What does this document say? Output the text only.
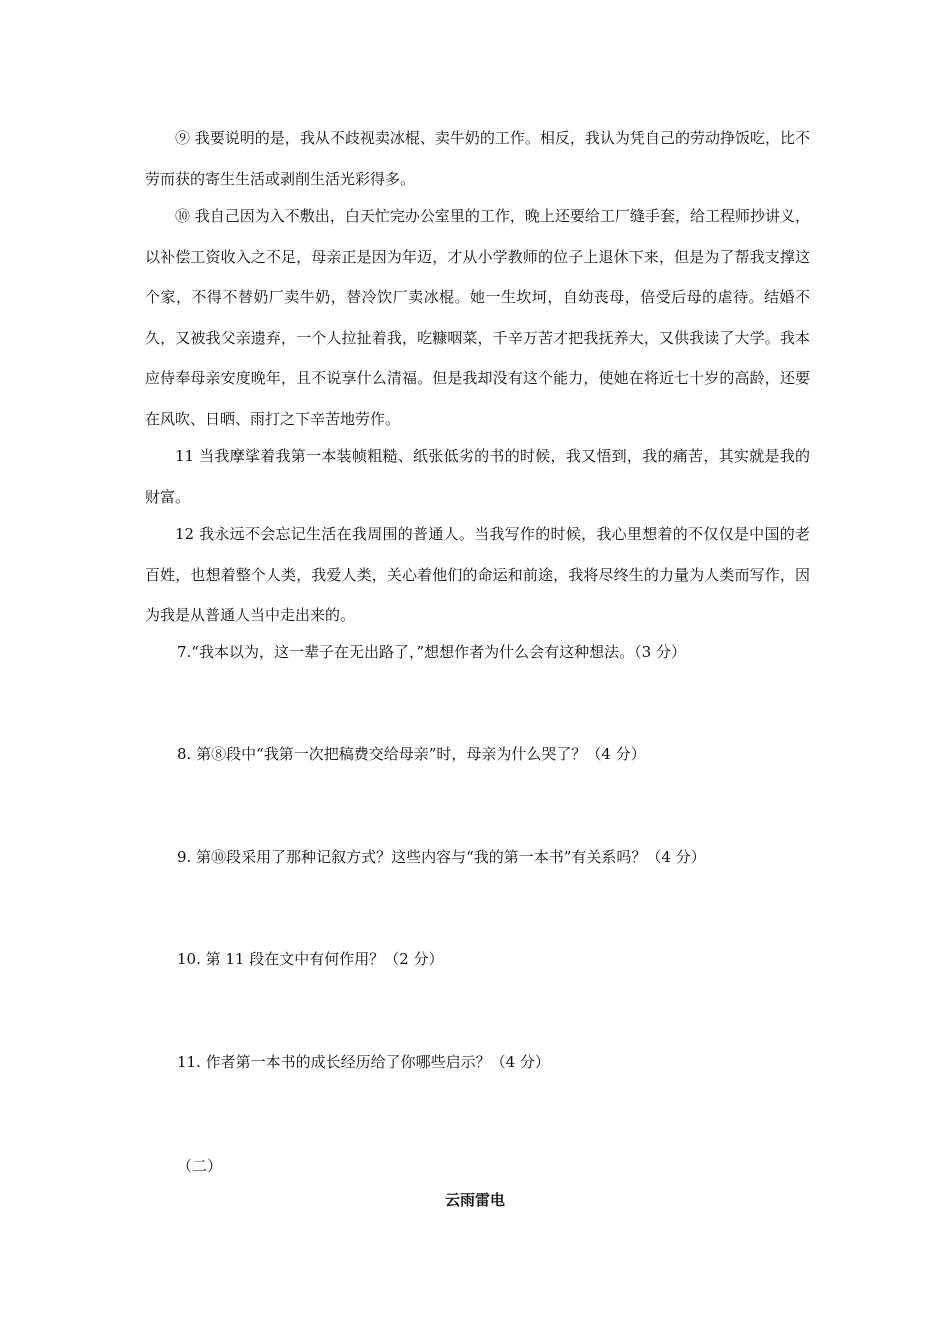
⑨ 我要说明的是，我从不歧视卖冰棍、卖牛奶的工作。相反，我认为凭自己的劳动挣饭吃，比不劳而获的寄生生活或剥削生活光彩得多。

⑩ 我自己因为入不敷出，白天忙完办公室里的工作，晚上还要给工厂缝手套，给工程师抄讲义，以补偿工资收入之不足，母亲正是因为年迈，才从小学教师的位子上退休下来，但是为了帮我支撑这个家，不得不替奶厂卖牛奶，替冷饮厂卖冰棍。她一生坎坷，自幼丧母，倍受后母的虐待。结婚不久，又被我父亲遗弃，一个人拉扯着我，吃糠咽菜，千辛万苦才把我抚养大，又供我读了大学。我本应侍奉母亲安度晚年，且不说享什么清福。但是我却没有这个能力，使她在将近七十岁的高龄，还要在风吹、日晒、雨打之下辛苦地劳作。

11 当我摩挲着我第一本装帧粗糙、纸张低劣的书的时候，我又悟到，我的痛苦，其实就是我的财富。

12 我永远不会忘记生活在我周围的普通人。当我写作的时候，我心里想着的不仅仅是中国的老百姓，也想着整个人类，我爱人类，关心着他们的命运和前途，我将尽终生的力量为人类而写作，因为我是从普通人当中走出来的。

7.“我本以为，这一辈子在无出路了，”想想作者为什么会有这种想法。（3 分）

8. 第⑧段中“我第一次把稿费交给母亲”时，母亲为什么哭了？（4 分）

9. 第⑩段采用了那种记叙方式？这些内容与“我的第一本书”有关系吗？（4 分）

10. 第 11 段在文中有何作用？（2 分）

11. 作者第一本书的成长经历给了你哪些启示？（4 分）

（二）

云雨雷电
